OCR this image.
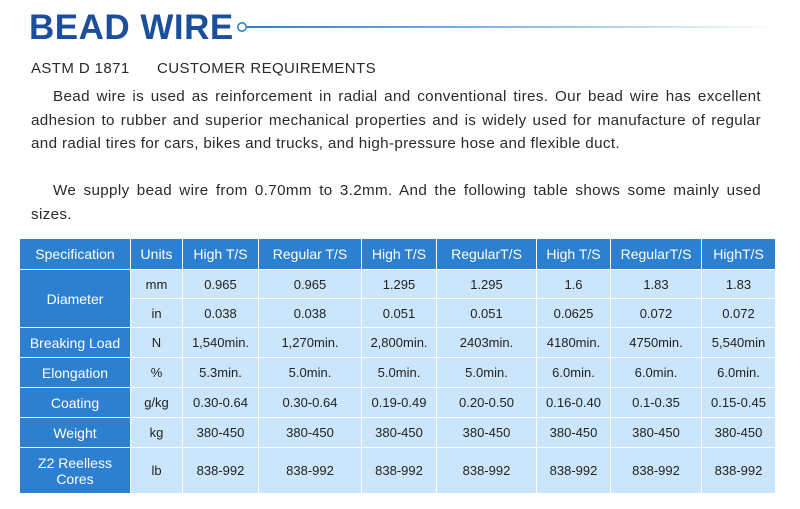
BEAD WIRE
ASTM D 1871 CUSTOMER REQUIREMENTS

Bead wire is used as reinforcement in radial and conventional tires. Our bead wire has excellent adhesion to rubber and superior mechanical properties and is widely used for manufacture of regular and radial tires for cars, bikes and trucks, and high-pressure hose and flexible duct.

We supply bead wire from 0.70mm to 3.2mm. And the following table shows some mainly used sizes.

Specification	Units	High T/S	Regular T/S	High T/S	RegularT/S	High T/S	RegularT/S	HighT/S
Diameter	mm	0.965	0.965	1.295	1.295	1.6	1.83	1.83
	in	0.038	0.038	0.051	0.051	0.0625	0.072	0.072
Breaking Load	N	1,540min.	1,270min.	2,800min.	2403min.	4180min.	4750min.	5,540min
Elongation	%	5.3min.	5.0min.	5.0min.	5.0min.	6.0min.	6.0min.	6.0min.
Coating	g/kg	0.30-0.64	0.30-0.64	0.19-0.49	0.20-0.50	0.16-0.40	0.1-0.35	0.15-0.45
Weight	kg	380-450	380-450	380-450	380-450	380-450	380-450	380-450
Z2 Reelless Cores	lb	838-992	838-992	838-992	838-992	838-992	838-992	838-992
